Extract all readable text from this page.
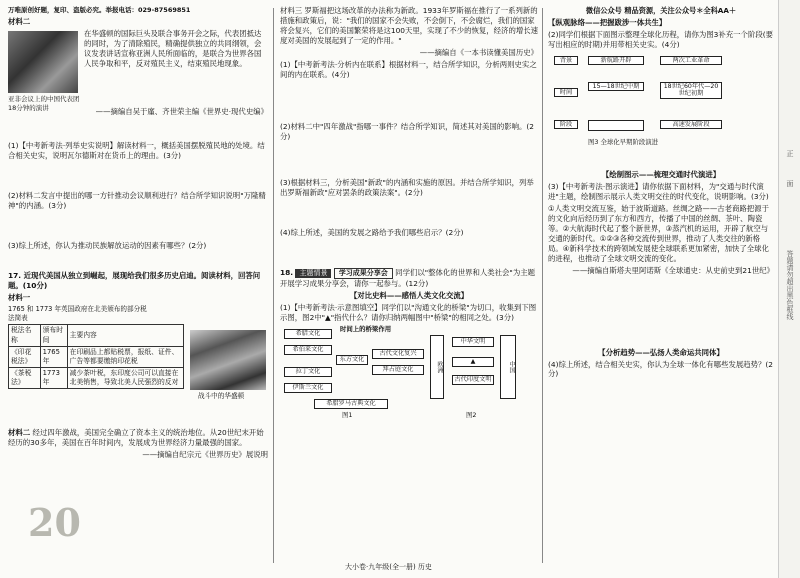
万唯原创好题，复印、盗版必究。举报电话：029-87569851

材料二

亚非会议上的中国代表团 18分钟的演讲

在华盛顿的国际巨头及联合事务开会之际，代表团抵达的同时，为了清除殖民，精确提供独立的共同纲领，会议发表讲话宣称亚洲人民所面临的，是联合为世界各国人民争取和平，反对殖民主义，结束殖民地现象。

——摘编自吴于廑、齐世荣主编《世界史·现代史编》

(1)【中考新考法·列举史实说明】解读材料一，概括美国摆脱殖民地的处境。结合相关史实，说明瓦尔德斯对在货币上的理由。(3分)

(2)材料二发言中提出的哪一方针推动会议顺利进行？结合所学知识说明"万隆精神"的内涵。(3分)

(3)综上所述，你认为推动民族解放运动的因素有哪些？(2分)

17. 近现代美国从独立到崛起，展现给我们很多历史启迪。阅读材料，回答问题。(10分)

材料一

1765 和 1773 年英国政府在北美颁布的部分税法简表

税法名称	颁布时间	主要内容
《印花税法》	1765年	在印刷品上都贴税票，报纸、证件、广告等都要缴纳印花税
《茶税法》	1773年	减少茶叶税，东印度公司可以直接在北美销售，导致北美人民强烈的反对

战斗中的华盛顿

材料二 经过四年激战，美国完全确立了资本主义的统治地位。从20世纪末开始经历的30多年，美国在百年时间内，发展成为世界经济力量最强的国家。

——摘编自纪宗元《世界历史》展说明

20

材料三 罗斯福把这场改革的办法称为新政。1933年罗斯福在推行了一系列新的措施和政策后，说："我们的国家不会失败，不会倒下，不会腐烂，我们的国家将会复兴，它们的美国繁荣将是这100天里，实现了不少的恢复，经济的增长速度对美国的发展起到了一定的作用。"

——摘编自《一本书读懂美国历史》

(1)【中考新考法·分析内在联系】根据材料一，结合所学知识，分析两则史实之间的内在联系。(4分)

(2)材料二中"四年激战"指哪一事件？结合所学知识，简述其对美国的影响。(2分)

(3)根据材料三，分析美国"新政"的内涵和实施的原因。并结合所学知识，列举出罗斯福新政"应对罢条的政策法案"。(2分)

(4)综上所述，美国的发展之路给予我们哪些启示？(2分)

18. 主题情景 学习成果分享会 同学们以"整体化的世界和人类社会"为主题开展学习成果分享会，请你一起参与。(12分)

【对比史料——感悟人类文化交流】

(1)【中考新考法·示意图填空】同学们以"沟通文化的桥梁"为切口，收集到下图示图，图2中"▲"指代什么？请你归纳两幅图中"桥梁"的相同之处。(3分)

希腊文化
希伯来文化
拉丁文化
伊斯兰文化
东方文化

时间上的桥梁作用

古代文化复兴
拜占庭文化
希腊罗马古典文化

图1

欧洲
中华文明
▲
古代印度文明
中国

图2

微信公众号 精品资源，关注公众号＊全科AA＋

【纵观脉络——把握跋涉一体共生】

(2)同学们根据下面图示整理全球化历程，请你为图3补充一个阶段(要写出相应的时期)并用带相关史实。(4分)

背景
时间
阶段
新航路开辟	两次工业革命
15—18世纪中期	18世纪60年代—20世纪初期
高速发展阶段

图3 全球化早期阶段演进

【绘制图示——梳理交通时代演进】

(3)【中考新考法·图示演进】请你依据下面材料，为"交通与时代演进"主题，绘制图示展示人类文明交往的时代变化，说明影响。(3分)

①人类文明交流互鉴，始于波斯道路。丝绸之路——古老商路把源于的文化向后经历到了东方和西方，传播了中国的丝绸、茶叶、陶瓷等。②大航海时代起了整个新世界，③蒸汽机的运用，开辟了航空与交通的新时代。①②③各种交流传到世界，推动了人类交往的新格局。④新科学技术的跨领域发展使全球联系更加紧密，加快了全球化的进程，也推动了全球文明交流的变化。

——摘编自斯塔夫里阿诺斯《全球通史：从史前史到21世纪》

【分析趋势——弘扬人类命运共同体】

(4)综上所述，结合相关史实，你认为全球一体化有哪些发展趋势？(2分)

大小卷·九年级(全一册) 历史
正
面
答题请勿超出黑色框线
